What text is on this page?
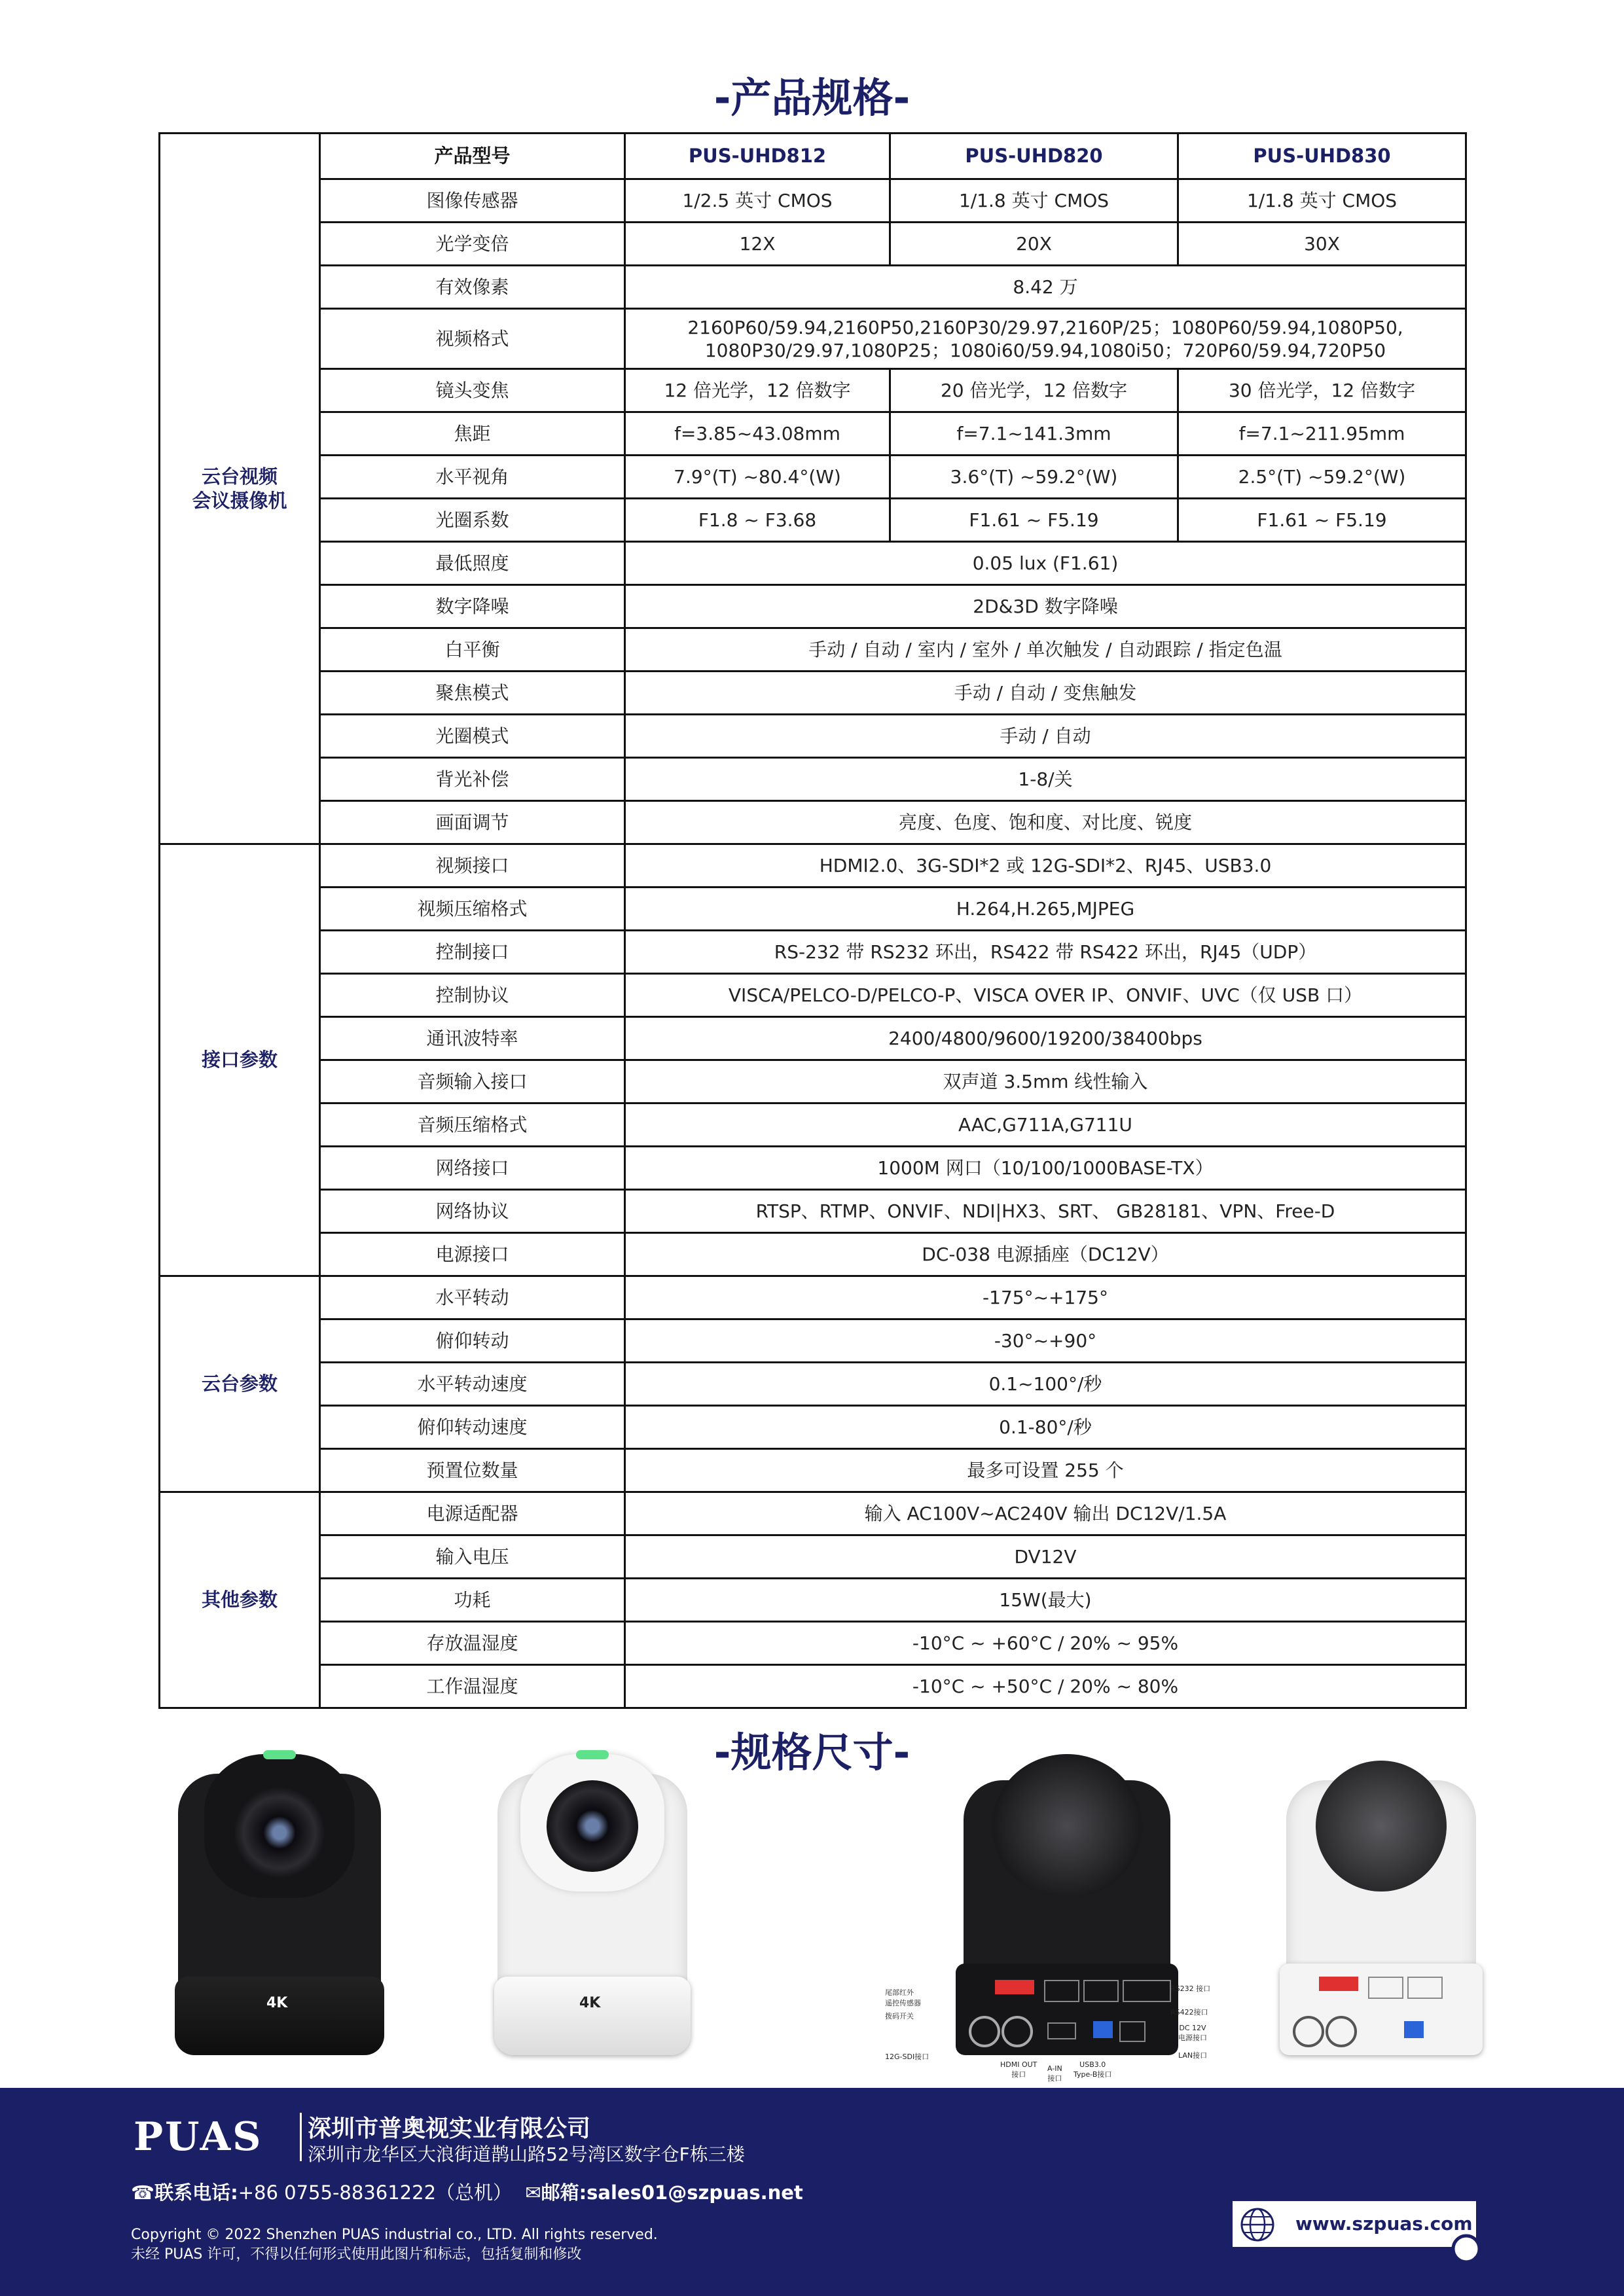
-产品规格-
云台视频
会议摄像机	产品型号	PUS-UHD812	PUS-UHD820	PUS-UHD830
	图像传感器	1/2.5 英寸 CMOS	1/1.8 英寸 CMOS	1/1.8 英寸 CMOS
	光学变倍	12X	20X	30X
	有效像素	8.42 万		
	视频格式	2160P60/59.94,2160P50,2160P30/29.97,2160P/25；1080P60/59.94,1080P50,
1080P30/29.97,1080P25；1080i60/59.94,1080i50；720P60/59.94,720P50		
	镜头变焦	12 倍光学，12 倍数字	20 倍光学，12 倍数字	30 倍光学，12 倍数字
	焦距	f=3.85~43.08mm	f=7.1~141.3mm	f=7.1~211.95mm
	水平视角	7.9°(T) ~80.4°(W)	3.6°(T) ~59.2°(W)	2.5°(T) ~59.2°(W)
	光圈系数	F1.8 ~ F3.68	F1.61 ~ F5.19	F1.61 ~ F5.19
	最低照度	0.05 lux (F1.61)		
	数字降噪	2D&3D 数字降噪		
	白平衡	手动 / 自动 / 室内 / 室外 / 单次触发 / 自动跟踪 / 指定色温		
	聚焦模式	手动 / 自动 / 变焦触发		
	光圈模式	手动 / 自动		
	背光补偿	1-8/关		
	画面调节	亮度、色度、饱和度、对比度、锐度		
接口参数	视频接口	HDMI2.0、3G-SDI*2 或 12G-SDI*2、RJ45、USB3.0		
	视频压缩格式	H.264,H.265,MJPEG		
	控制接口	RS-232 带 RS232 环出，RS422 带 RS422 环出，RJ45（UDP）		
	控制协议	VISCA/PELCO-D/PELCO-P、VISCA OVER IP、ONVIF、UVC（仅 USB 口）		
	通讯波特率	2400/4800/9600/19200/38400bps		
	音频输入接口	双声道 3.5mm 线性输入		
	音频压缩格式	AAC,G711A,G711U		
	网络接口	1000M 网口（10/100/1000BASE-TX）		
	网络协议	RTSP、RTMP、ONVIF、NDI|HX3、SRT、 GB28181、VPN、Free-D		
	电源接口	DC-038 电源插座（DC12V）		
云台参数	水平转动	-175°~+175°		
	俯仰转动	-30°~+90°		
	水平转动速度	0.1~100°/秒		
	俯仰转动速度	0.1-80°/秒		
	预置位数量	最多可设置 255 个		
其他参数	电源适配器	输入 AC100V~AC240V 输出 DC12V/1.5A		
	输入电压	DV12V		
	功耗	15W(最大)		
	存放温湿度	-10°C ~ +60°C / 20% ~ 95%		
	工作温湿度	-10°C ~ +50°C / 20% ~ 80%		
-规格尺寸-
4K	4K
尾部红外
遥控传感器
拨码开关
12G-SDI接口
HDMI OUT
接口
A-IN
接口
USB3.0
Type-B接口
RS232 接口
RS422接口
DC 12V
电源接口
LAN接口
PUAS 深圳市普奥视实业有限公司
深圳市龙华区大浪街道鹊山路52号湾区数字仓F栋三楼
☎联系电话:+86 0755-88361222（总机） ✉邮箱:sales01@szpuas.net
Copyright © 2022 Shenzhen PUAS industrial co., LTD. All rights reserved.
未经 PUAS 许可，不得以任何形式使用此图片和标志，包括复制和修改
www.szpuas.com
